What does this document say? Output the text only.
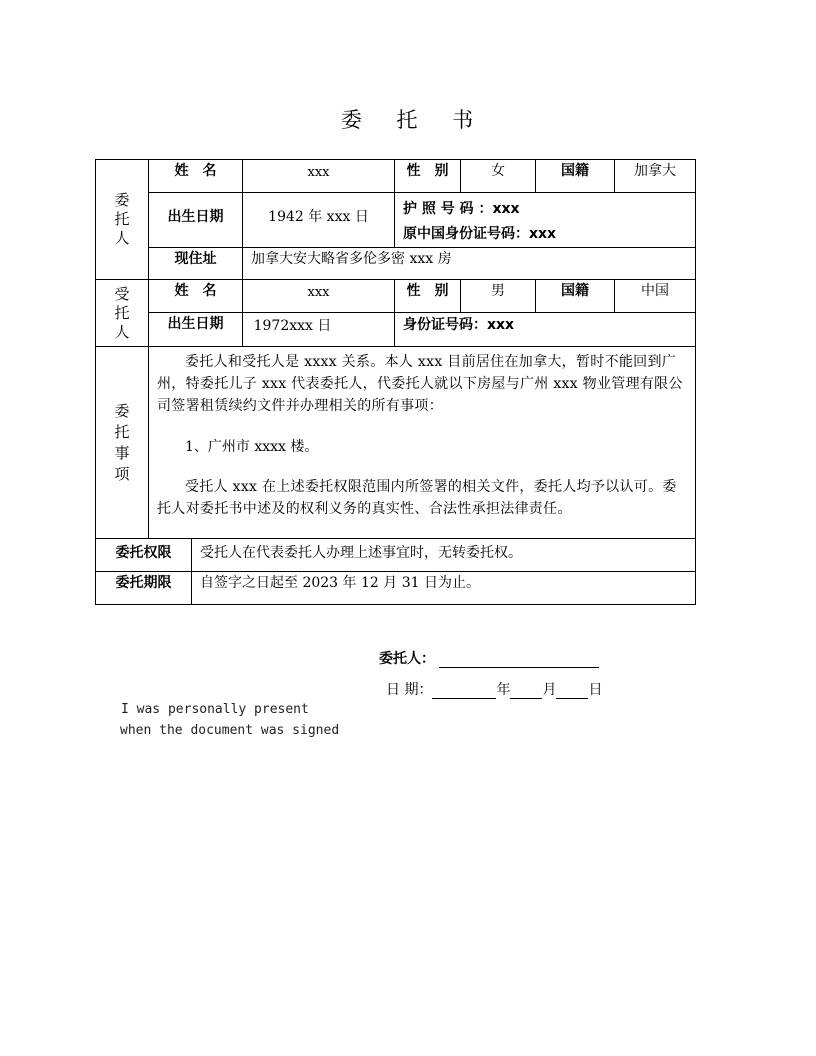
委 托 书
委托人
姓　名	xxx	性　别	女	国籍	加拿大
出生日期	1942 年 xxx 日	护 照 号 码 ：xxx
原中国身份证号码：xxx
现住址	加拿大安大略省多伦多密 xxx 房
受托人
姓　名	xxx	性　别	男	国籍	中国
出生日期	1972xxx 日	身份证号码：xxx
委托事项
委托人和受托人是 xxxx 关系。本人 xxx 目前居住在加拿大，暂时不能回到广州，特委托儿子 xxx 代表委托人，代委托人就以下房屋与广州 xxx 物业管理有限公司签署租赁续约文件并办理相关的所有事项：
1、广州市 xxxx 楼。
受托人 xxx 在上述委托权限范围内所签署的相关文件，委托人均予以认可。委托人对委托书中述及的权利义务的真实性、合法性承担法律责任。
委托权限	受托人在代表委托人办理上述事宜时，无转委托权。
委托期限	自签字之日起至 2023 年 12 月 31 日为止。
委托人：
日 期：	年 月 日
I was personally present
when the document was signed
